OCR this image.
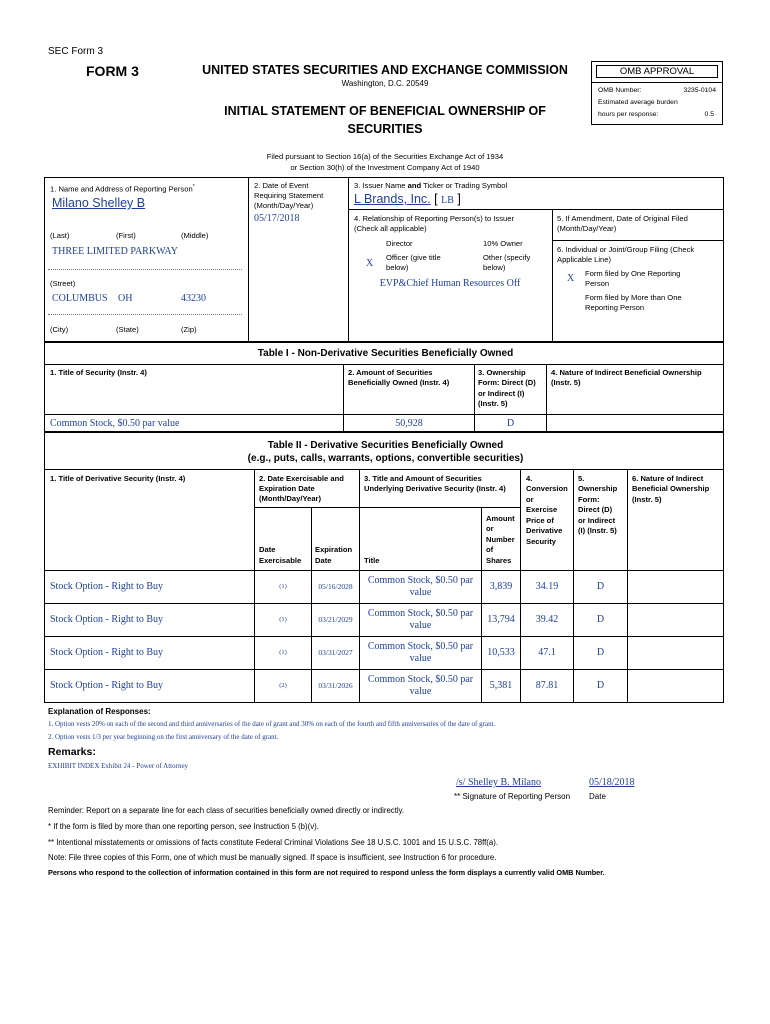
SEC Form 3
FORM 3	UNITED STATES SECURITIES AND EXCHANGE COMMISSION
Washington, D.C. 20549
INITIAL STATEMENT OF BENEFICIAL OWNERSHIP OF
SECURITIES
Filed pursuant to Section 16(a) of the Securities Exchange Act of 1934
or Section 30(h) of the Investment Company Act of 1940
OMB APPROVAL
OMB Number:	3235-0104
Estimated average burden
hours per response:	0.5
1. Name and Address of Reporting Person*
Milano Shelley B
(Last)	(First)	(Middle)
THREE LIMITED PARKWAY
(Street)
COLUMBUS OH	43230
(City)	(State)	(Zip)
2. Date of Event
Requiring Statement
(Month/Day/Year)
05/17/2018
3. Issuer Name and Ticker or Trading Symbol
L Brands, Inc. [ LB ]
4. Relationship of Reporting Person(s) to Issuer
(Check all applicable)
Director	10% Owner
X
Officer (give title
below)
Other (specify
below)
EVP&Chief Human Resources Off
5. If Amendment, Date of Original Filed
(Month/Day/Year)
6. Individual or Joint/Group Filing (Check
Applicable Line)
X Form filed by One Reporting
Person
Form filed by More than One
Reporting Person
Table I - Non-Derivative Securities Beneficially Owned
1. Title of Security (Instr. 4)	2. Amount of Securities
Beneficially Owned (Instr. 4)
3. Ownership
Form: Direct (D)
or Indirect (I)
(Instr. 5)
4. Nature of Indirect Beneficial Ownership
(Instr. 5)
Common Stock, $0.50 par value	50,928	D
Table II - Derivative Securities Beneficially Owned
(e.g., puts, calls, warrants, options, convertible securities)
1. Title of Derivative Security (Instr. 4)	2. Date Exercisable and
Expiration Date
(Month/Day/Year)
3. Title and Amount of Securities
Underlying Derivative Security (Instr. 4)
4.
Conversion
or
Exercise
Price of
Derivative
Security
5.
Ownership
Form:
Direct (D)
or Indirect
(I) (Instr. 5)
6. Nature of Indirect
Beneficial Ownership
(Instr. 5)
Date
Exercisable
Expiration
Date	Title
Amount
or
Number
of
Shares
Stock Option - Right to Buy	(1)	05/16/2028
Common Stock, $0.50 par
value
3,839	34.19	D
Stock Option - Right to Buy	(1)	03/21/2029
Common Stock, $0.50 par
value
13,794	39.42	D
Stock Option - Right to Buy	(1)	03/31/2027
Common Stock, $0.50 par
value
10,533	47.1	D
Stock Option - Right to Buy	(2)	03/31/2026
Common Stock, $0.50 par
value
5,381	87.81	D
Explanation of Responses:
1. Option vests 20% on each of the second and third anniversaries of the date of grant and 30% on each of the fourth and fifth anniversaries of the date of grant.
2. Option vests 1/3 per year beginning on the first anniversary of the date of grant.
Remarks:
EXHIBIT INDEX Exhibit 24 - Power of Attorney
/s/ Shelley B. Milano	05/18/2018
** Signature of Reporting Person Date
Reminder: Report on a separate line for each class of securities beneficially owned directly or indirectly.
* If the form is filed by more than one reporting person, see Instruction 5 (b)(v).
** Intentional misstatements or omissions of facts constitute Federal Criminal Violations See 18 U.S.C. 1001 and 15 U.S.C. 78ff(a).
Note: File three copies of this Form, one of which must be manually signed. If space is insufficient, see Instruction 6 for procedure.
Persons who respond to the collection of information contained in this form are not required to respond unless the form displays a currently valid OMB Number.
